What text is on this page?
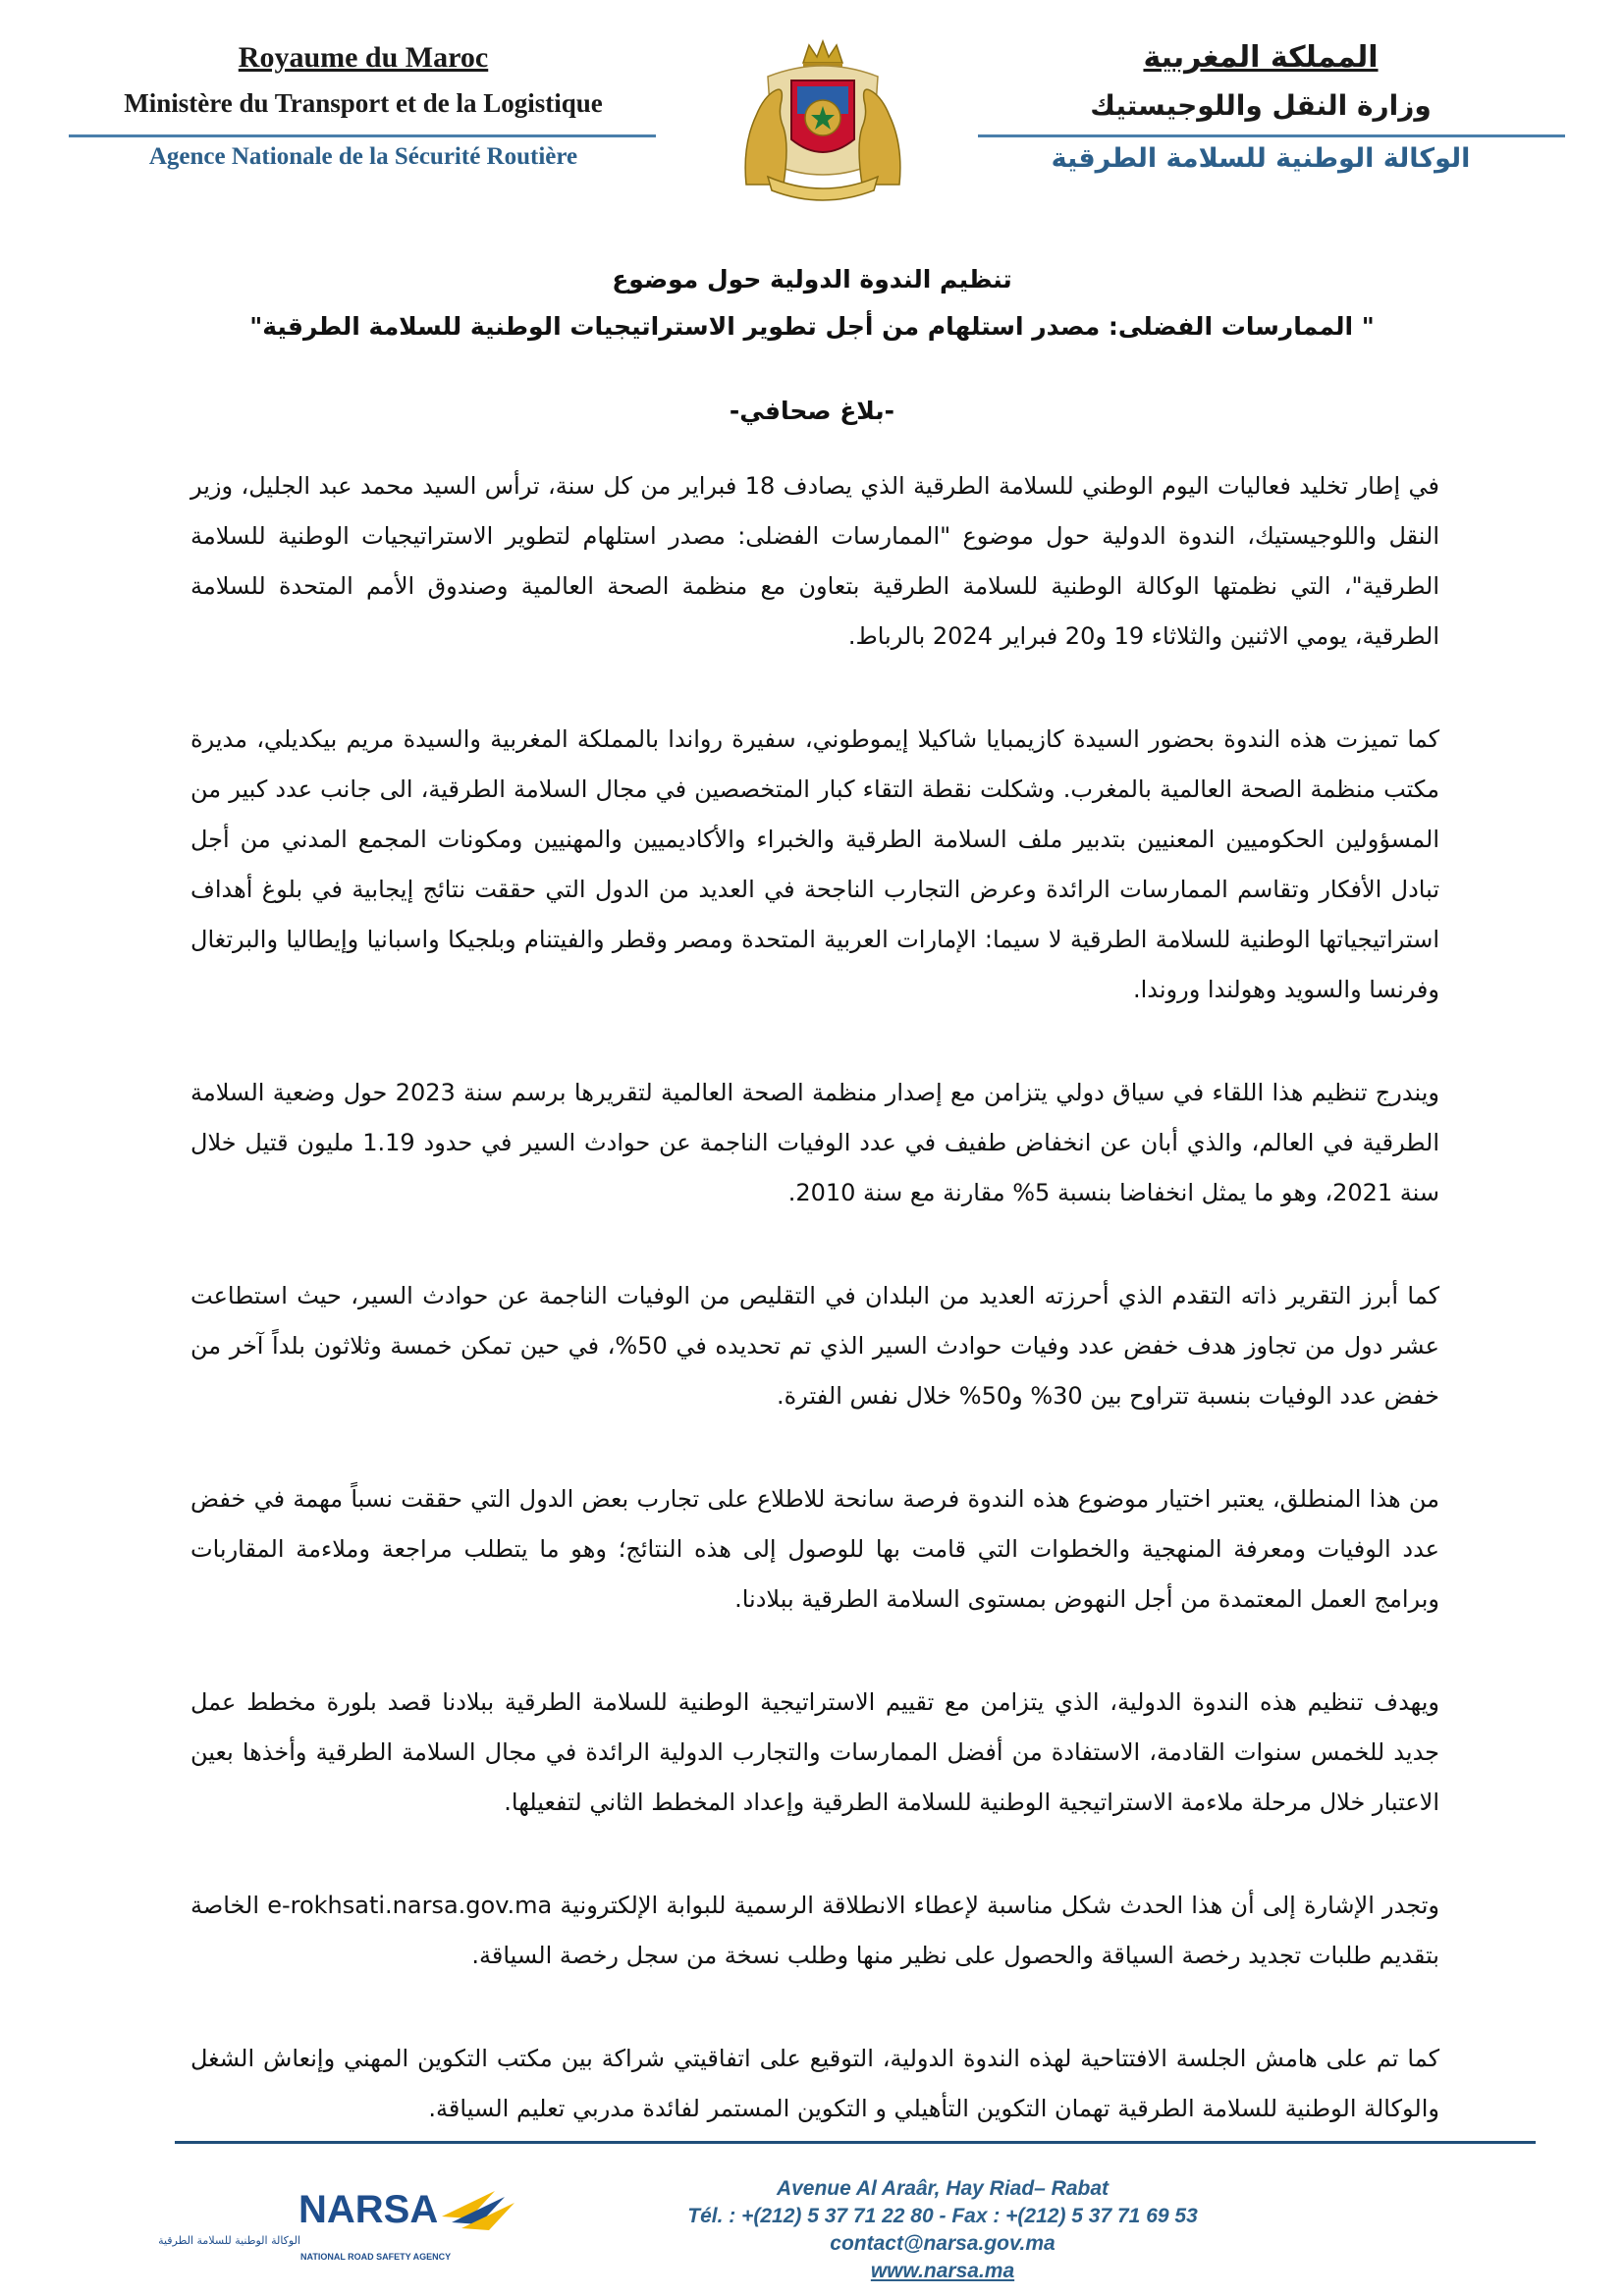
Royaume du Maroc
Ministère du Transport et de la Logistique
Agence Nationale de la Sécurité Routière
المملكة المغربية
وزارة النقل واللوجيستيك
الوكالة الوطنية للسلامة الطرقية
تنظيم الندوة الدولية حول موضوع
" الممارسات الفضلى: مصدر استلهام من أجل تطوير الاستراتيجيات الوطنية للسلامة الطرقية"
-بلاغ صحافي-

في إطار تخليد فعاليات اليوم الوطني للسلامة الطرقية الذي يصادف 18 فبراير من كل سنة، ترأس السيد محمد عبد الجليل، وزير النقل واللوجيستيك، الندوة الدولية حول موضوع "الممارسات الفضلى: مصدر استلهام لتطوير الاستراتيجيات الوطنية للسلامة الطرقية"، التي نظمتها الوكالة الوطنية للسلامة الطرقية بتعاون مع منظمة الصحة العالمية وصندوق الأمم المتحدة للسلامة الطرقية، يومي الاثنين والثلاثاء 19 و20 فبراير 2024 بالرباط.

كما تميزت هذه الندوة بحضور السيدة كازيمبايا شاكيلا إيموطوني، سفيرة رواندا بالمملكة المغربية والسيدة مريم بيكديلي، مديرة مكتب منظمة الصحة العالمية بالمغرب. وشكلت نقطة التقاء كبار المتخصصين في مجال السلامة الطرقية، الى جانب عدد كبير من المسؤولين الحكوميين المعنيين بتدبير ملف السلامة الطرقية والخبراء والأكاديميين والمهنيين ومكونات المجمع المدني من أجل تبادل الأفكار وتقاسم الممارسات الرائدة وعرض التجارب الناجحة في العديد من الدول التي حققت نتائج إيجابية في بلوغ أهداف استراتيجياتها الوطنية للسلامة الطرقية لا سيما: الإمارات العربية المتحدة ومصر وقطر والفيتنام وبلجيكا واسبانيا وإيطاليا والبرتغال وفرنسا والسويد وهولندا وروندا.

ويندرج تنظيم هذا اللقاء في سياق دولي يتزامن مع إصدار منظمة الصحة العالمية لتقريرها برسم سنة 2023 حول وضعية السلامة الطرقية في العالم، والذي أبان عن انخفاض طفيف في عدد الوفيات الناجمة عن حوادث السير في حدود 1.19 مليون قتيل خلال سنة 2021، وهو ما يمثل انخفاضا بنسبة 5% مقارنة مع سنة 2010.

كما أبرز التقرير ذاته التقدم الذي أحرزته العديد من البلدان في التقليص من الوفيات الناجمة عن حوادث السير، حيث استطاعت عشر دول من تجاوز هدف خفض عدد وفيات حوادث السير الذي تم تحديده في 50%، في حين تمكن خمسة وثلاثون بلداً آخر من خفض عدد الوفيات بنسبة تتراوح بين 30% و50% خلال نفس الفترة.

من هذا المنطلق، يعتبر اختيار موضوع هذه الندوة فرصة سانحة للاطلاع على تجارب بعض الدول التي حققت نسباً مهمة في خفض عدد الوفيات ومعرفة المنهجية والخطوات التي قامت بها للوصول إلى هذه النتائج؛ وهو ما يتطلب مراجعة وملاءمة المقاربات وبرامج العمل المعتمدة من أجل النهوض بمستوى السلامة الطرقية ببلادنا.

ويهدف تنظيم هذه الندوة الدولية، الذي يتزامن مع تقييم الاستراتيجية الوطنية للسلامة الطرقية ببلادنا قصد بلورة مخطط عمل جديد للخمس سنوات القادمة، الاستفادة من أفضل الممارسات والتجارب الدولية الرائدة في مجال السلامة الطرقية وأخذها بعين الاعتبار خلال مرحلة ملاءمة الاستراتيجية الوطنية للسلامة الطرقية وإعداد المخطط الثاني لتفعيلها.

وتجدر الإشارة إلى أن هذا الحدث شكل مناسبة لإعطاء الانطلاقة الرسمية للبوابة الإلكترونية e-rokhsati.narsa.gov.ma الخاصة بتقديم طلبات تجديد رخصة السياقة والحصول على نظير منها وطلب نسخة من سجل رخصة السياقة.

كما تم على هامش الجلسة الافتتاحية لهذه الندوة الدولية، التوقيع على اتفاقيتي شراكة بين مكتب التكوين المهني وإنعاش الشغل والوكالة الوطنية للسلامة الطرقية تهمان التكوين التأهيلي و التكوين المستمر لفائدة مدربي تعليم السياقة.

NARSA
الوكالة الوطنية للسلامة الطرقية
NATIONAL ROAD SAFETY AGENCY
Avenue Al Araâr, Hay Riad– Rabat
Tél. : +(212) 5 37 71 22 80 - Fax : +(212) 5 37 71 69 53
contact@narsa.gov.ma
www.narsa.ma
